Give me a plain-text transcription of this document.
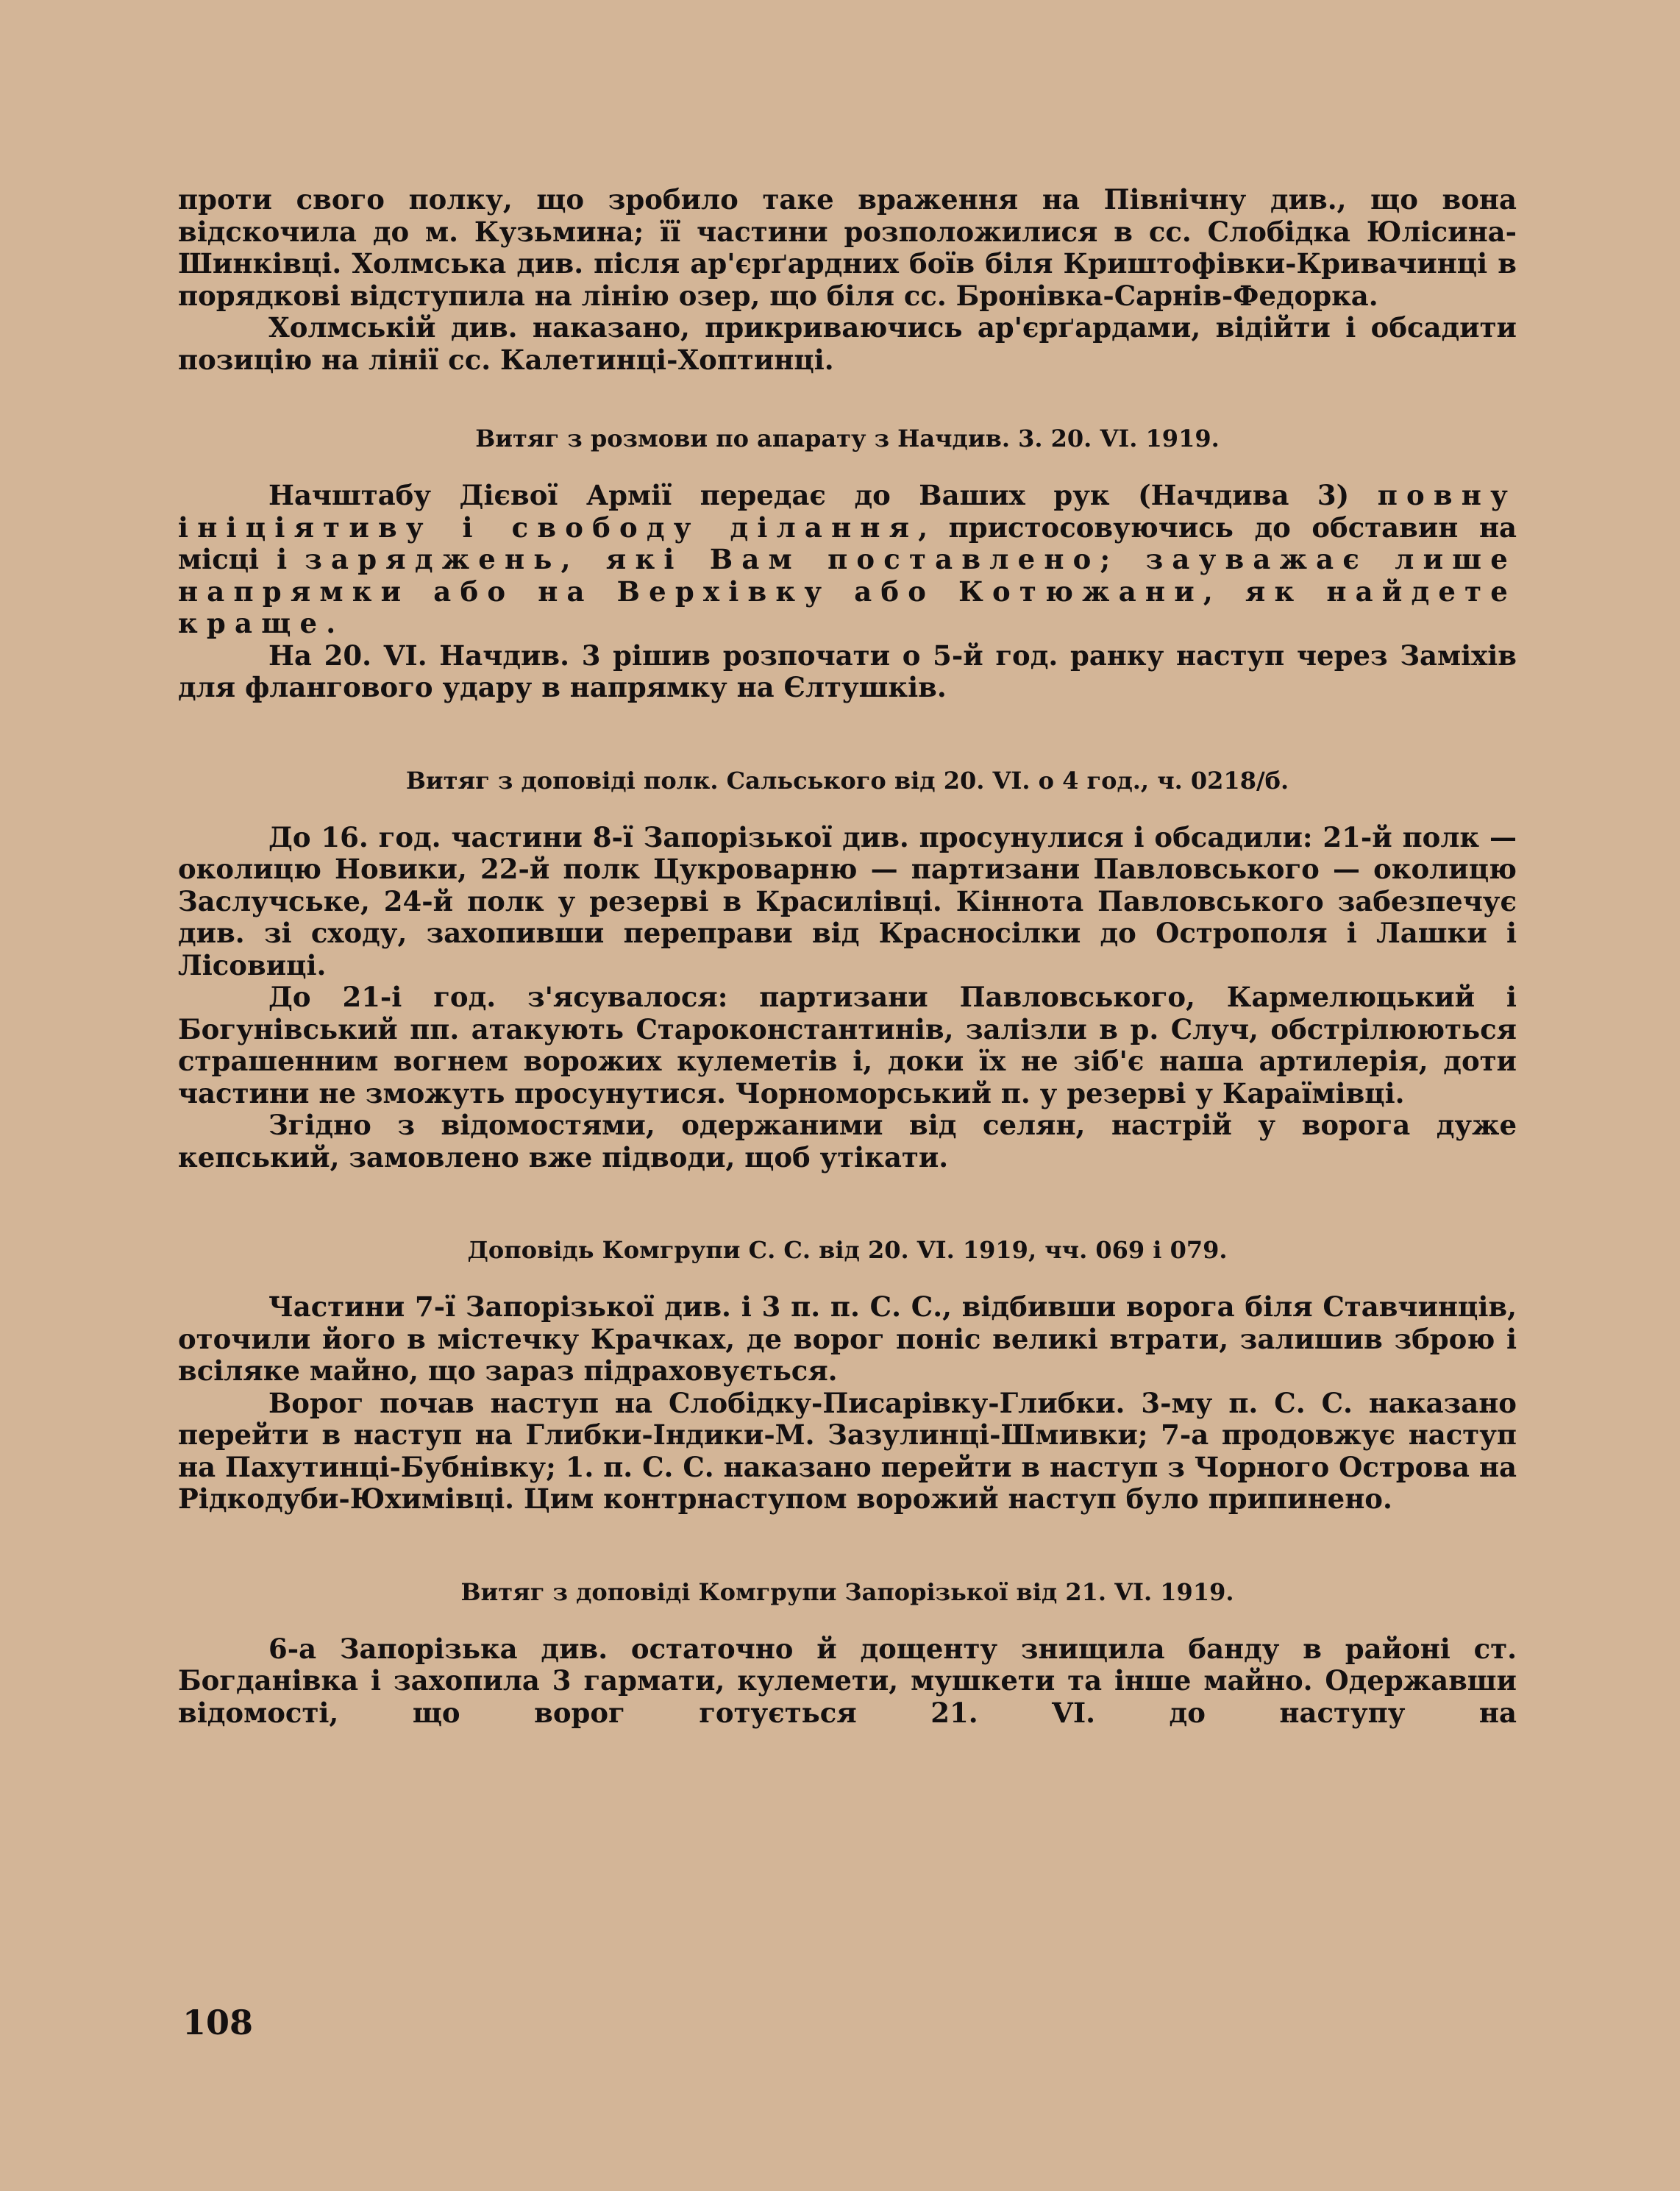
проти свого полку, що зробило таке враження на Північну див., що вона відскочила до м. Кузьмина; її частини розположилися в сс. Слобідка Юлісина-Шинківці. Холмська див. після ар'єрґардних боїв біля Криштофівки-Кривачинці в порядкові відступила на лінію озер, що біля сс. Бронівка-Сарнів-Федорка.

Холмській див. наказано, прикриваючись ар'єрґардами, відійти і обсадити позицію на лінії сс. Калетинці-Хоптинці.

Витяг з розмови по апарату з Начдив. 3. 20. VI. 1919.

Начштабу Дієвої Армії передає до Ваших рук (Начдива 3) повну ініціятиву і свободу ділання, пристосовуючись до обставин на місці і заряджень, які Вам поставлено; зауважає лише напрямки або на Верхівку або Котюжани, як найдете краще.

На 20. VI. Начдив. 3 рішив розпочати о 5-й год. ранку наступ через Заміхів для флангового удару в напрямку на Єлтушків.

Витяг з доповіді полк. Сальського від 20. VI. о 4 год., ч. 0218/б.

До 16. год. частини 8-ї Запорізької див. просунулися і обсадили: 21-й полк — околицю Новики, 22-й полк Цукроварню — партизани Павловського — околицю Заслучське, 24-й полк у резерві в Красилівці. Кіннота Павловського забезпечує див. зі сходу, захопивши переправи від Красносілки до Острополя і Лашки і Лісовиці.

До 21-і год. з'ясувалося: партизани Павловського, Кармелюцький і Богунівський пп. атакують Староконстантинів, залізли в р. Случ, обстрілюються страшенним вогнем ворожих кулеметів і, доки їх не зіб'є наша артилерія, доти частини не зможуть просунутися. Чорноморський п. у резерві у Караїмівці.

Згідно з відомостями, одержаними від селян, настрій у ворога дуже кепський, замовлено вже підводи, щоб утікати.

Доповідь Комгрупи С. С. від 20. VI. 1919, чч. 069 і 079.

Частини 7-ї Запорізької див. і 3 п. п. С. С., відбивши ворога біля Ставчинців, оточили його в містечку Крачках, де ворог поніс великі втрати, залишив зброю і всіляке майно, що зараз підраховується.

Ворог почав наступ на Слобідку-Писарівку-Глибки. 3-му п. С. С. наказано перейти в наступ на Глибки-Індики-М. Зазулинці-Шмивки; 7-а продовжує наступ на Пахутинці-Бубнівку; 1. п. С. С. наказано перейти в наступ з Чорного Острова на Рідкодуби-Юхимівці. Цим контрнаступом ворожий наступ було припинено.

Витяг з доповіді Комгрупи Запорізької від 21. VI. 1919.

6-а Запорізька див. остаточно й дощенту знищила банду в районі ст. Богданівка і захопила 3 гармати, кулемети, мушкети та інше майно. Одержавши відомості, що ворог готується 21. VI. до наступу на

108
